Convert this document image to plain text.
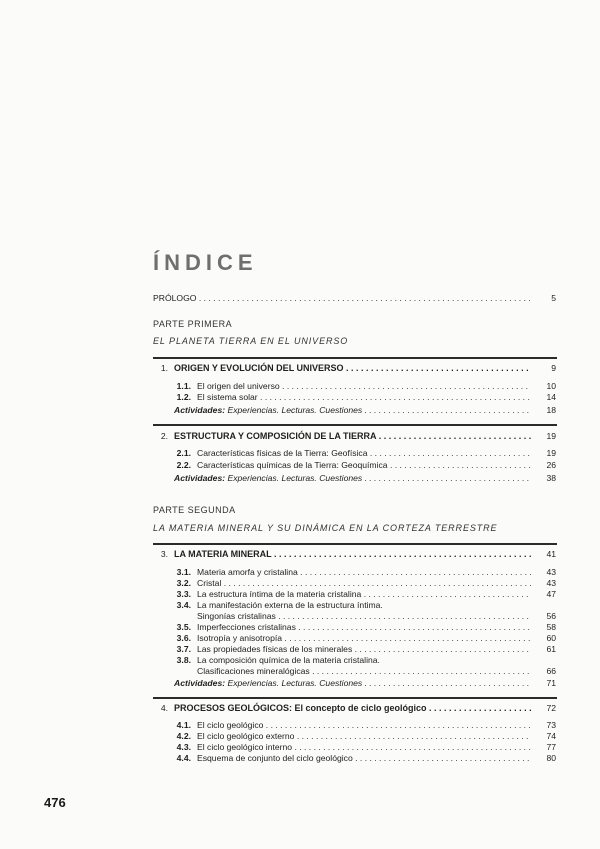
ÍNDICE
PRÓLOGO . . .	5
PARTE PRIMERA
EL PLANETA TIERRA EN EL UNIVERSO
1. ORIGEN Y EVOLUCIÓN DEL UNIVERSO . . .	9
1.1. El origen del universo . . .	10
1.2. El sistema solar . . .	14
Actividades: Experiencias. Lecturas. Cuestiones . . .	18
2. ESTRUCTURA Y COMPOSICIÓN DE LA TIERRA . . .	19
2.1. Características físicas de la Tierra: Geofísica . . .	19
2.2. Características químicas de la Tierra: Geoquímica . . .	26
Actividades: Experiencias. Lecturas. Cuestiones . . .	38
PARTE SEGUNDA
LA MATERIA MINERAL Y SU DINÁMICA EN LA CORTEZA TERRESTRE
3. LA MATERIA MINERAL . . .	41
3.1. Materia amorfa y cristalina . . .	43
3.2. Cristal . . .	43
3.3. La estructura íntima de la materia cristalina . . .	47
3.4. La manifestación externa de la estructura íntima.
Singonías cristalinas . . .	56
3.5. Imperfecciones cristalinas . . .	58
3.6. Isotropía y anisotropía . . .	60
3.7. Las propiedades físicas de los minerales . . .	61
3.8. La composición química de la materia cristalina.
Clasificaciones mineralógicas . . .	66
Actividades: Experiencias. Lecturas. Cuestiones . . .	71
4. PROCESOS GEOLÓGICOS: El concepto de ciclo geológico . . .	72
4.1. El ciclo geológico . . .	73
4.2. El ciclo geológico externo . . .	74
4.3. El ciclo geológico interno . . .	77
4.4. Esquema de conjunto del ciclo geológico . . .	80
476
